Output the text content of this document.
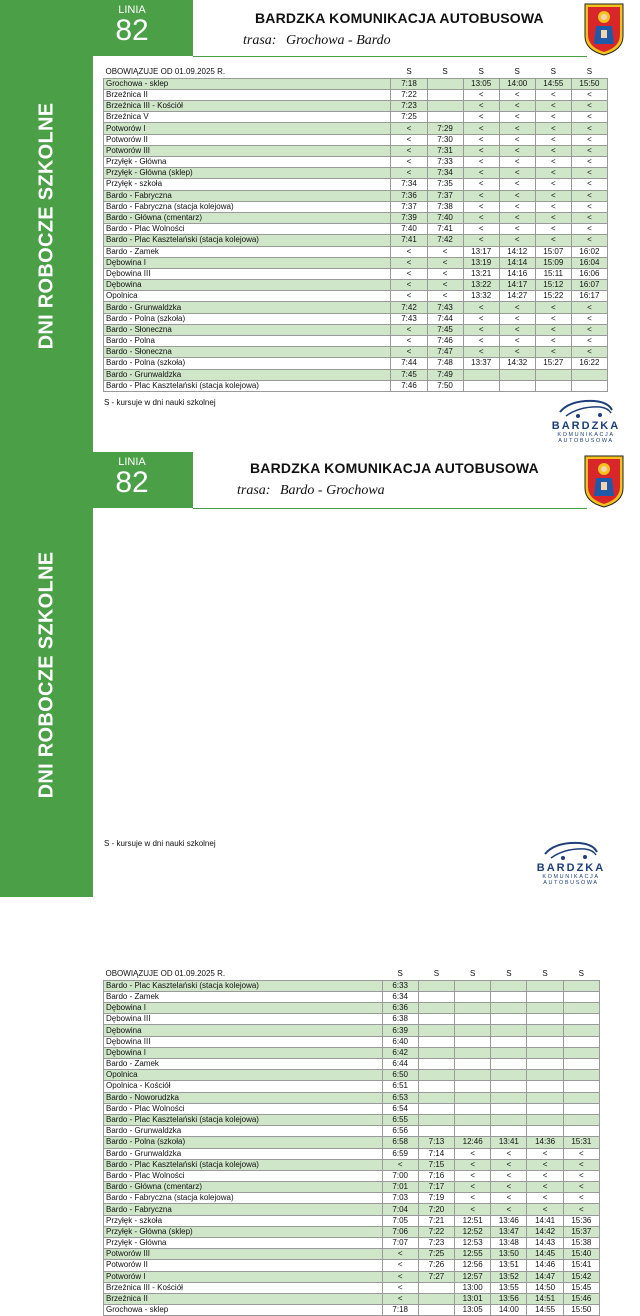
DNI ROBOCZE SZKOLNE
LINIA
82	BARDZKA KOMUNIKACJA AUTOBUSOWA
trasa: Grochowa - Bardo
OBOWIĄZUJE OD 01.09.2025 R.	S	S	S	S	S	S
Grochowa - sklep	7:18		13:05	14:00	14:55	15:50
Brzeźnica II	7:22		<	<	<	<
Brzeźnica III - Kościół	7:23		<	<	<	<
Brzeźnica V	7:25		<	<	<	<
Potworów I	<	7:29	<	<	<	<
Potworów II	<	7:30	<	<	<	<
Potworów III	<	7:31	<	<	<	<
Przyłęk - Główna	<	7:33	<	<	<	<
Przyłęk - Główna (sklep)	<	7:34	<	<	<	<
Przyłęk - szkoła	7:34	7:35	<	<	<	<
Bardo - Fabryczna	7:36	7:37	<	<	<	<
Bardo - Fabryczna (stacja kolejowa)	7:37	7:38	<	<	<	<
Bardo - Główna (cmentarz)	7:39	7:40	<	<	<	<
Bardo - Plac Wolności	7:40	7:41	<	<	<	<
Bardo - Plac Kasztelański (stacja kolejowa)	7:41	7:42	<	<	<	<
Bardo - Zamek	<	<	13:17	14:12	15:07	16:02
Dębowina I	<	<	13:19	14:14	15:09	16:04
Dębowina III	<	<	13:21	14:16	15:11	16:06
Dębowina	<	<	13:22	14:17	15:12	16:07
Opolnica	<	<	13:32	14:27	15:22	16:17
Bardo - Grunwaldzka	7:42	7:43	<	<	<	<
Bardo - Polna (szkoła)	7:43	7:44	<	<	<	<
Bardo - Słoneczna	<	7:45	<	<	<	<
Bardo - Polna	<	7:46	<	<	<	<
Bardo - Słoneczna	<	7:47	<	<	<	<
Bardo - Polna (szkoła)	7:44	7:48	13:37	14:32	15:27	16:22
Bardo - Grunwaldzka	7:45	7:49				
Bardo - Plac Kasztelański (stacja kolejowa)	7:46	7:50				
S - kursuje w dni nauki szkolnej
BARDZKA
KOMUNIKACJA
AUTOBUSOWA
DNI ROBOCZE SZKOLNE
LINIA
82	BARDZKA KOMUNIKACJA AUTOBUSOWA
trasa: Bardo - Grochowa
OBOWIĄZUJE OD 01.09.2025 R.	S	S	S	S	S	S
Bardo - Plac Kasztelański (stacja kolejowa)	6:33					
Bardo - Zamek	6:34					
Dębowina I	6:36					
Dębowina III	6:38					
Dębowina	6:39					
Dębowina III	6:40					
Dębowina I	6:42					
Bardo - Zamek	6:44					
Opolnica	6:50					
Opolnica - Kościół	6:51					
Bardo - Noworudzka	6:53					
Bardo - Plac Wolności	6:54					
Bardo - Plac Kasztelański (stacja kolejowa)	6:55					
Bardo - Grunwaldzka	6:56					
Bardo - Polna (szkoła)	6:58	7:13	12:46	13:41	14:36	15:31
Bardo - Grunwaldzka	6:59	7:14	<	<	<	<
Bardo - Plac Kasztelański (stacja kolejowa)	<	7:15	<	<	<	<
Bardo - Plac Wolności	7:00	7:16	<	<	<	<
Bardo - Główna (cmentarz)	7:01	7:17	<	<	<	<
Bardo - Fabryczna (stacja kolejowa)	7:03	7:19	<	<	<	<
Bardo - Fabryczna	7:04	7:20	<	<	<	<
Przyłęk - szkoła	7:05	7:21	12:51	13:46	14:41	15:36
Przyłęk - Główna (sklep)	7:06	7:22	12:52	13:47	14:42	15:37
Przyłęk - Główna	7:07	7:23	12:53	13:48	14:43	15:38
Potworów III	<	7:25	12:55	13:50	14:45	15:40
Potworów II	<	7:26	12:56	13:51	14:46	15:41
Potworów I	<	7:27	12:57	13:52	14:47	15:42
Brzeźnica III - Kościół	<		13:00	13:55	14:50	15:45
Brzeźnica II	<		13:01	13:56	14:51	15:46
Grochowa - sklep	7:18		13:05	14:00	14:55	15:50
S - kursuje w dni nauki szkolnej
BARDZKA
KOMUNIKACJA
AUTOBUSOWA
